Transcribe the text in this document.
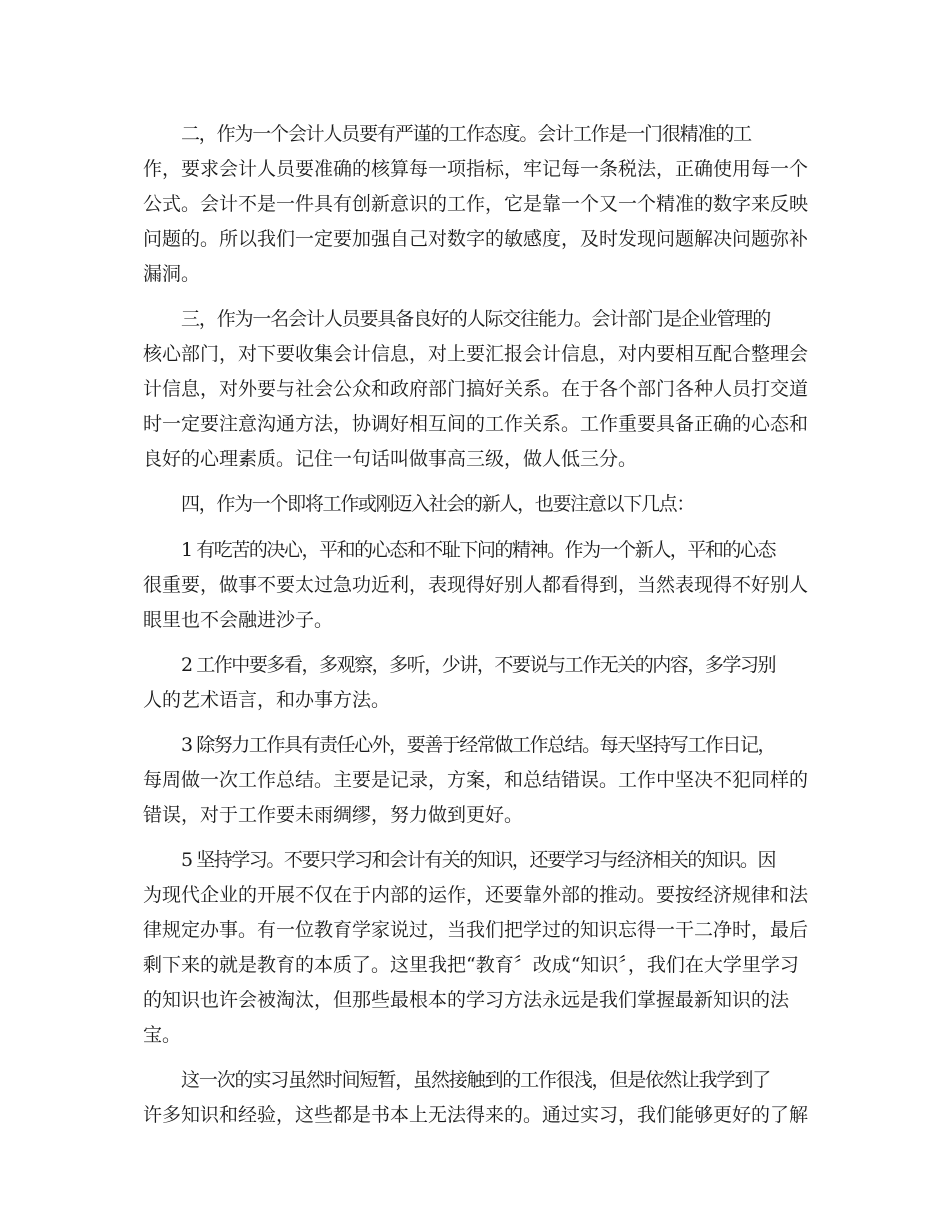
二，作为一个会计人员要有严谨的工作态度。会计工作是一门很精准的工
作，要求会计人员要准确的核算每一项指标，牢记每一条税法，正确使用每一个
公式。会计不是一件具有创新意识的工作，它是靠一个又一个精准的数字来反映
问题的。所以我们一定要加强自己对数字的敏感度，及时发现问题解决问题弥补
漏洞。
三，作为一名会计人员要具备良好的人际交往能力。会计部门是企业管理的
核心部门，对下要收集会计信息，对上要汇报会计信息，对内要相互配合整理会
计信息，对外要与社会公众和政府部门搞好关系。在于各个部门各种人员打交道
时一定要注意沟通方法，协调好相互间的工作关系。工作重要具备正确的心态和
良好的心理素质。记住一句话叫做事高三级，做人低三分。
四，作为一个即将工作或刚迈入社会的新人，也要注意以下几点：
1 有吃苦的决心，平和的心态和不耻下问的精神。作为一个新人，平和的心态
很重要，做事不要太过急功近利，表现得好别人都看得到，当然表现得不好别人
眼里也不会融进沙子。
2 工作中要多看，多观察，多听，少讲，不要说与工作无关的内容，多学习别
人的艺术语言，和办事方法。
3 除努力工作具有责任心外，要善于经常做工作总结。每天坚持写工作日记，
每周做一次工作总结。主要是记录，方案，和总结错误。工作中坚决不犯同样的
错误，对于工作要未雨绸缪，努力做到更好。
5 坚持学习。不要只学习和会计有关的知识，还要学习与经济相关的知识。因
为现代企业的开展不仅在于内部的运作，还要靠外部的推动。要按经济规律和法
律规定办事。有一位教育学家说过，当我们把学过的知识忘得一干二净时，最后
剩下来的就是教育的本质了。这里我把“教育〞改成“知识〞，我们在大学里学习
的知识也许会被淘汰，但那些最根本的学习方法永远是我们掌握最新知识的法
宝。
这一次的实习虽然时间短暂，虽然接触到的工作很浅，但是依然让我学到了
许多知识和经验，这些都是书本上无法得来的。通过实习，我们能够更好的了解
